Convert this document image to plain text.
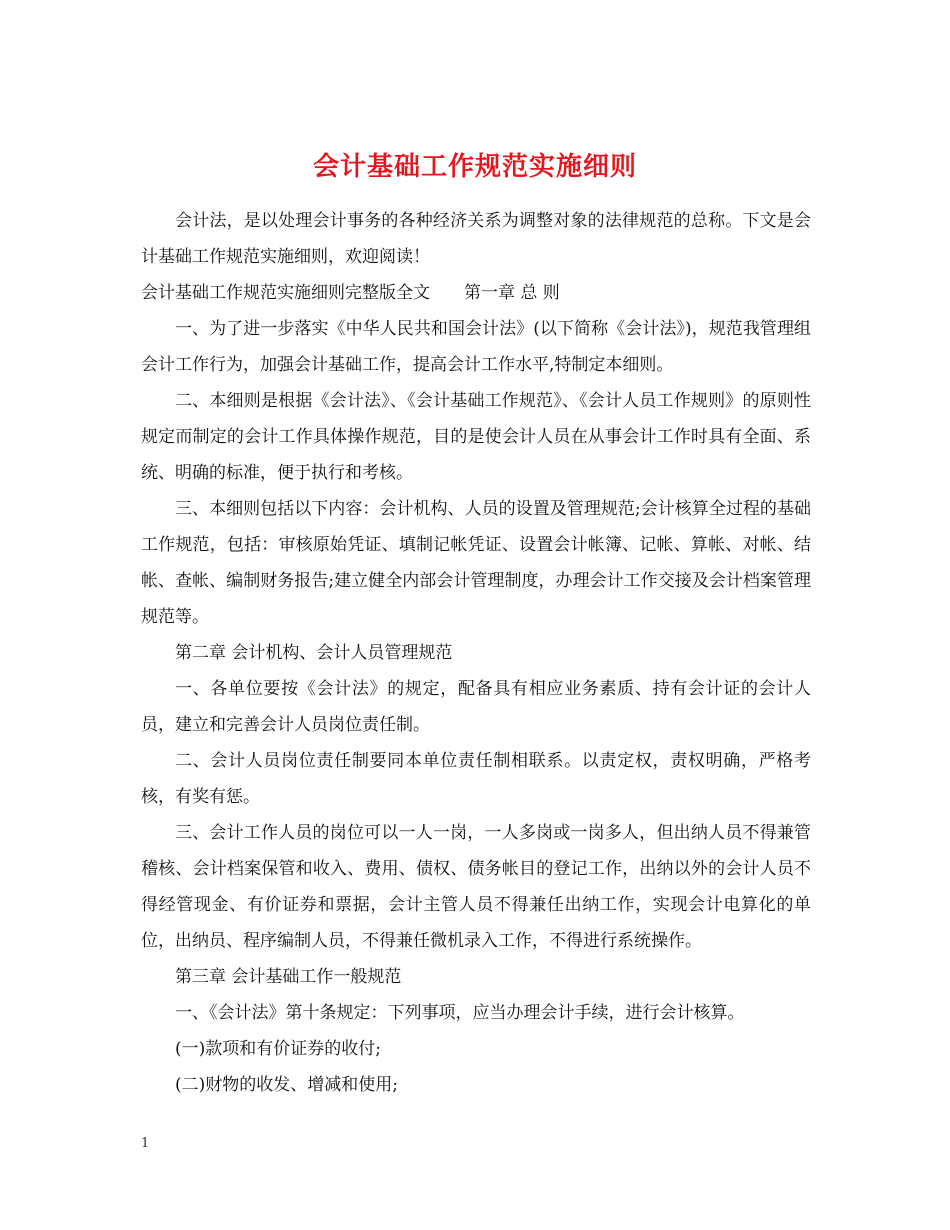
会计基础工作规范实施细则

会计法，是以处理会计事务的各种经济关系为调整对象的法律规范的总称。下文是会计基础工作规范实施细则，欢迎阅读！

会计基础工作规范实施细则完整版全文　　第一章 总 则

一、为了进一步落实《中华人民共和国会计法》(以下简称《会计法》)，规范我管理组会计工作行为，加强会计基础工作，提高会计工作水平,特制定本细则。

二、本细则是根据《会计法》、《会计基础工作规范》、《会计人员工作规则》的原则性规定而制定的会计工作具体操作规范，目的是使会计人员在从事会计工作时具有全面、系统、明确的标准，便于执行和考核。

三、本细则包括以下内容：会计机构、人员的设置及管理规范;会计核算全过程的基础工作规范，包括：审核原始凭证、填制记帐凭证、设置会计帐簿、记帐、算帐、对帐、结帐、查帐、编制财务报告;建立健全内部会计管理制度，办理会计工作交接及会计档案管理规范等。

第二章 会计机构、会计人员管理规范

一、各单位要按《会计法》的规定，配备具有相应业务素质、持有会计证的会计人员，建立和完善会计人员岗位责任制。

二、会计人员岗位责任制要同本单位责任制相联系。以责定权，责权明确，严格考核，有奖有惩。

三、会计工作人员的岗位可以一人一岗，一人多岗或一岗多人，但出纳人员不得兼管稽核、会计档案保管和收入、费用、债权、债务帐目的登记工作，出纳以外的会计人员不得经管现金、有价证券和票据，会计主管人员不得兼任出纳工作，实现会计电算化的单位，出纳员、程序编制人员，不得兼任微机录入工作，不得进行系统操作。

第三章 会计基础工作一般规范

一、《会计法》第十条规定：下列事项，应当办理会计手续，进行会计核算。

(一)款项和有价证券的收付;

(二)财物的收发、增减和使用;

1
